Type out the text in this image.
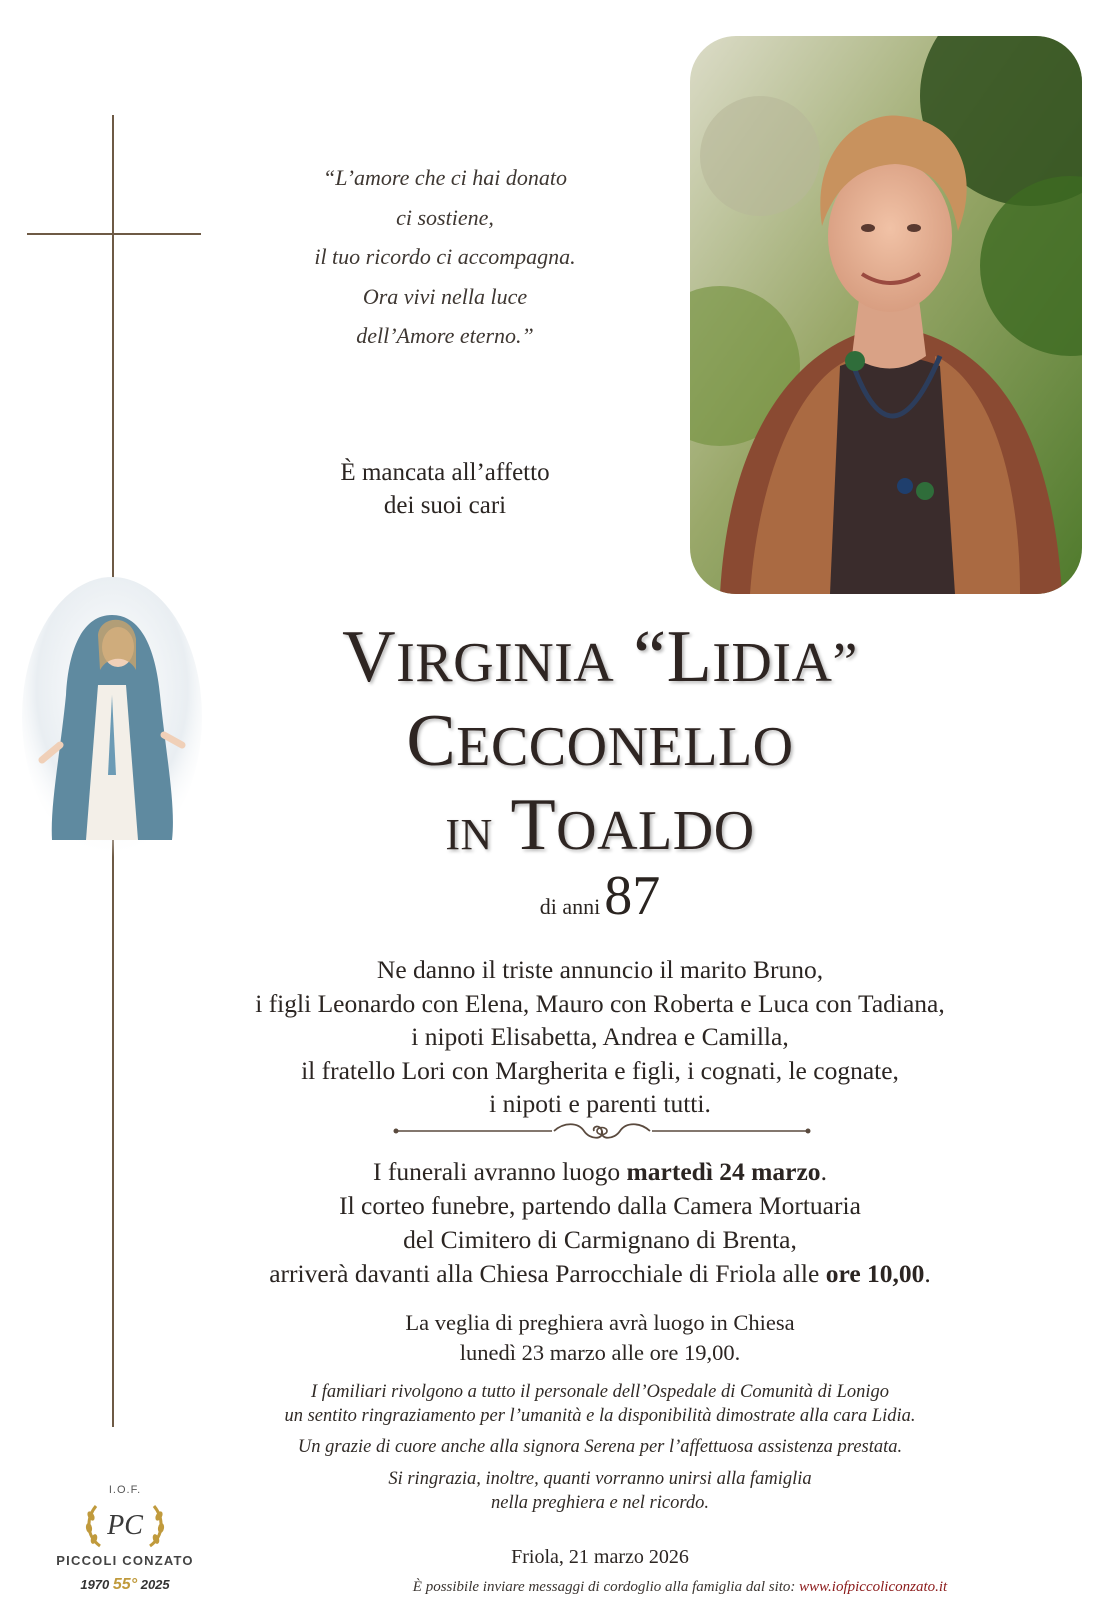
“L’amore che ci hai donato
ci sostiene,
il tuo ricordo ci accompagna.
Ora vivi nella luce
dell’Amore eterno.”
È mancata all’affetto
dei suoi cari
VIRGINIA “LIDIA”
CECCONELLO
IN TOALDO
di anni 87
Ne danno il triste annuncio il marito Bruno,
i figli Leonardo con Elena, Mauro con Roberta e Luca con Tadiana,
i nipoti Elisabetta, Andrea e Camilla,
il fratello Lori con Margherita e figli, i cognati, le cognate,
i nipoti e parenti tutti.
I funerali avranno luogo martedì 24 marzo.
Il corteo funebre, partendo dalla Camera Mortuaria
del Cimitero di Carmignano di Brenta,
arriverà davanti alla Chiesa Parrocchiale di Friola alle ore 10,00.
La veglia di preghiera avrà luogo in Chiesa
lunedì 23 marzo alle ore 19,00.
I familiari rivolgono a tutto il personale dell’Ospedale di Comunità di Lonigo
un sentito ringraziamento per l’umanità e la disponibilità dimostrate alla cara Lidia.
Un grazie di cuore anche alla signora Serena per l’affettuosa assistenza prestata.
Si ringrazia, inoltre, quanti vorranno unirsi alla famiglia
nella preghiera e nel ricordo.
Friola, 21 marzo 2026
È possibile inviare messaggi di cordoglio alla famiglia dal sito: www.iofpiccoliconzato.it
I.O.F.
PC
PICCOLI CONZATO
1970 55° 2025
